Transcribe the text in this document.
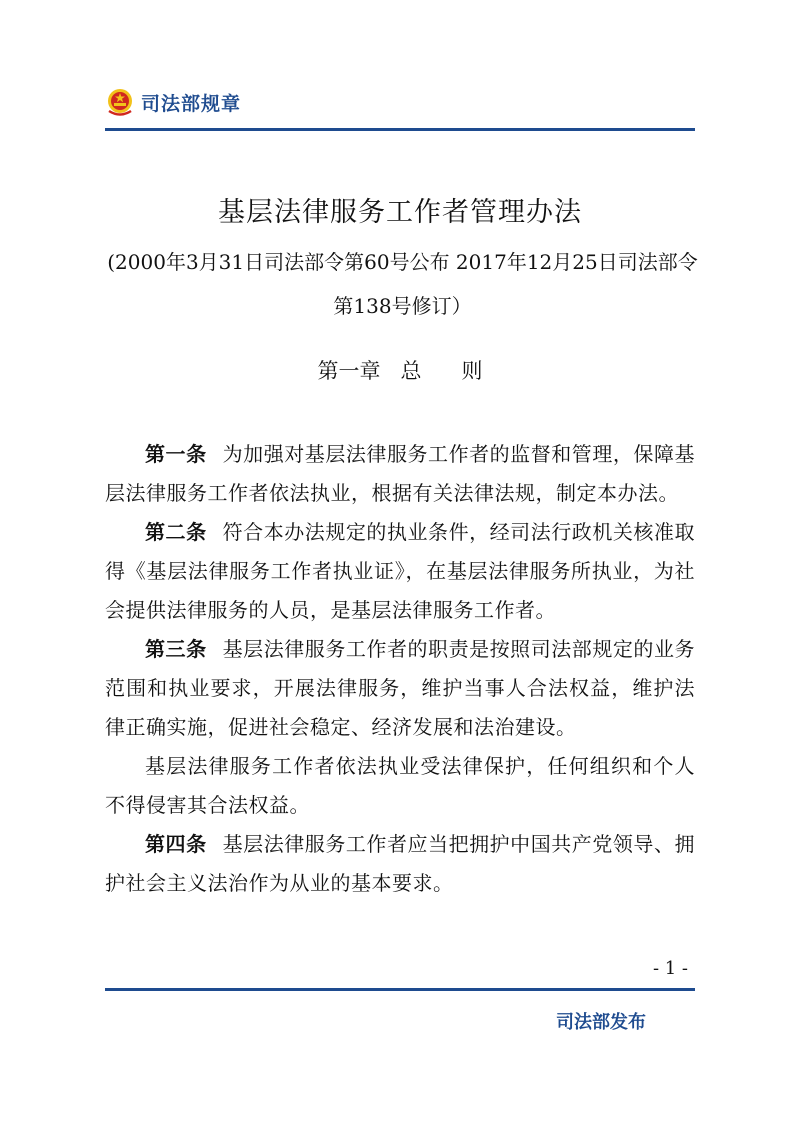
司法部规章
基层法律服务工作者管理办法
(2000年3月31日司法部令第60号公布 2017年12月25日司法部令第138号修订）
第一章   总      则

第一条 为加强对基层法律服务工作者的监督和管理，保障基层法律服务工作者依法执业，根据有关法律法规，制定本办法。

第二条 符合本办法规定的执业条件，经司法行政机关核准取得《基层法律服务工作者执业证》，在基层法律服务所执业，为社会提供法律服务的人员，是基层法律服务工作者。

第三条 基层法律服务工作者的职责是按照司法部规定的业务范围和执业要求，开展法律服务，维护当事人合法权益，维护法律正确实施，促进社会稳定、经济发展和法治建设。

基层法律服务工作者依法执业受法律保护，任何组织和个人不得侵害其合法权益。

第四条 基层法律服务工作者应当把拥护中国共产党领导、拥护社会主义法治作为从业的基本要求。

- 1 -
司法部发布
